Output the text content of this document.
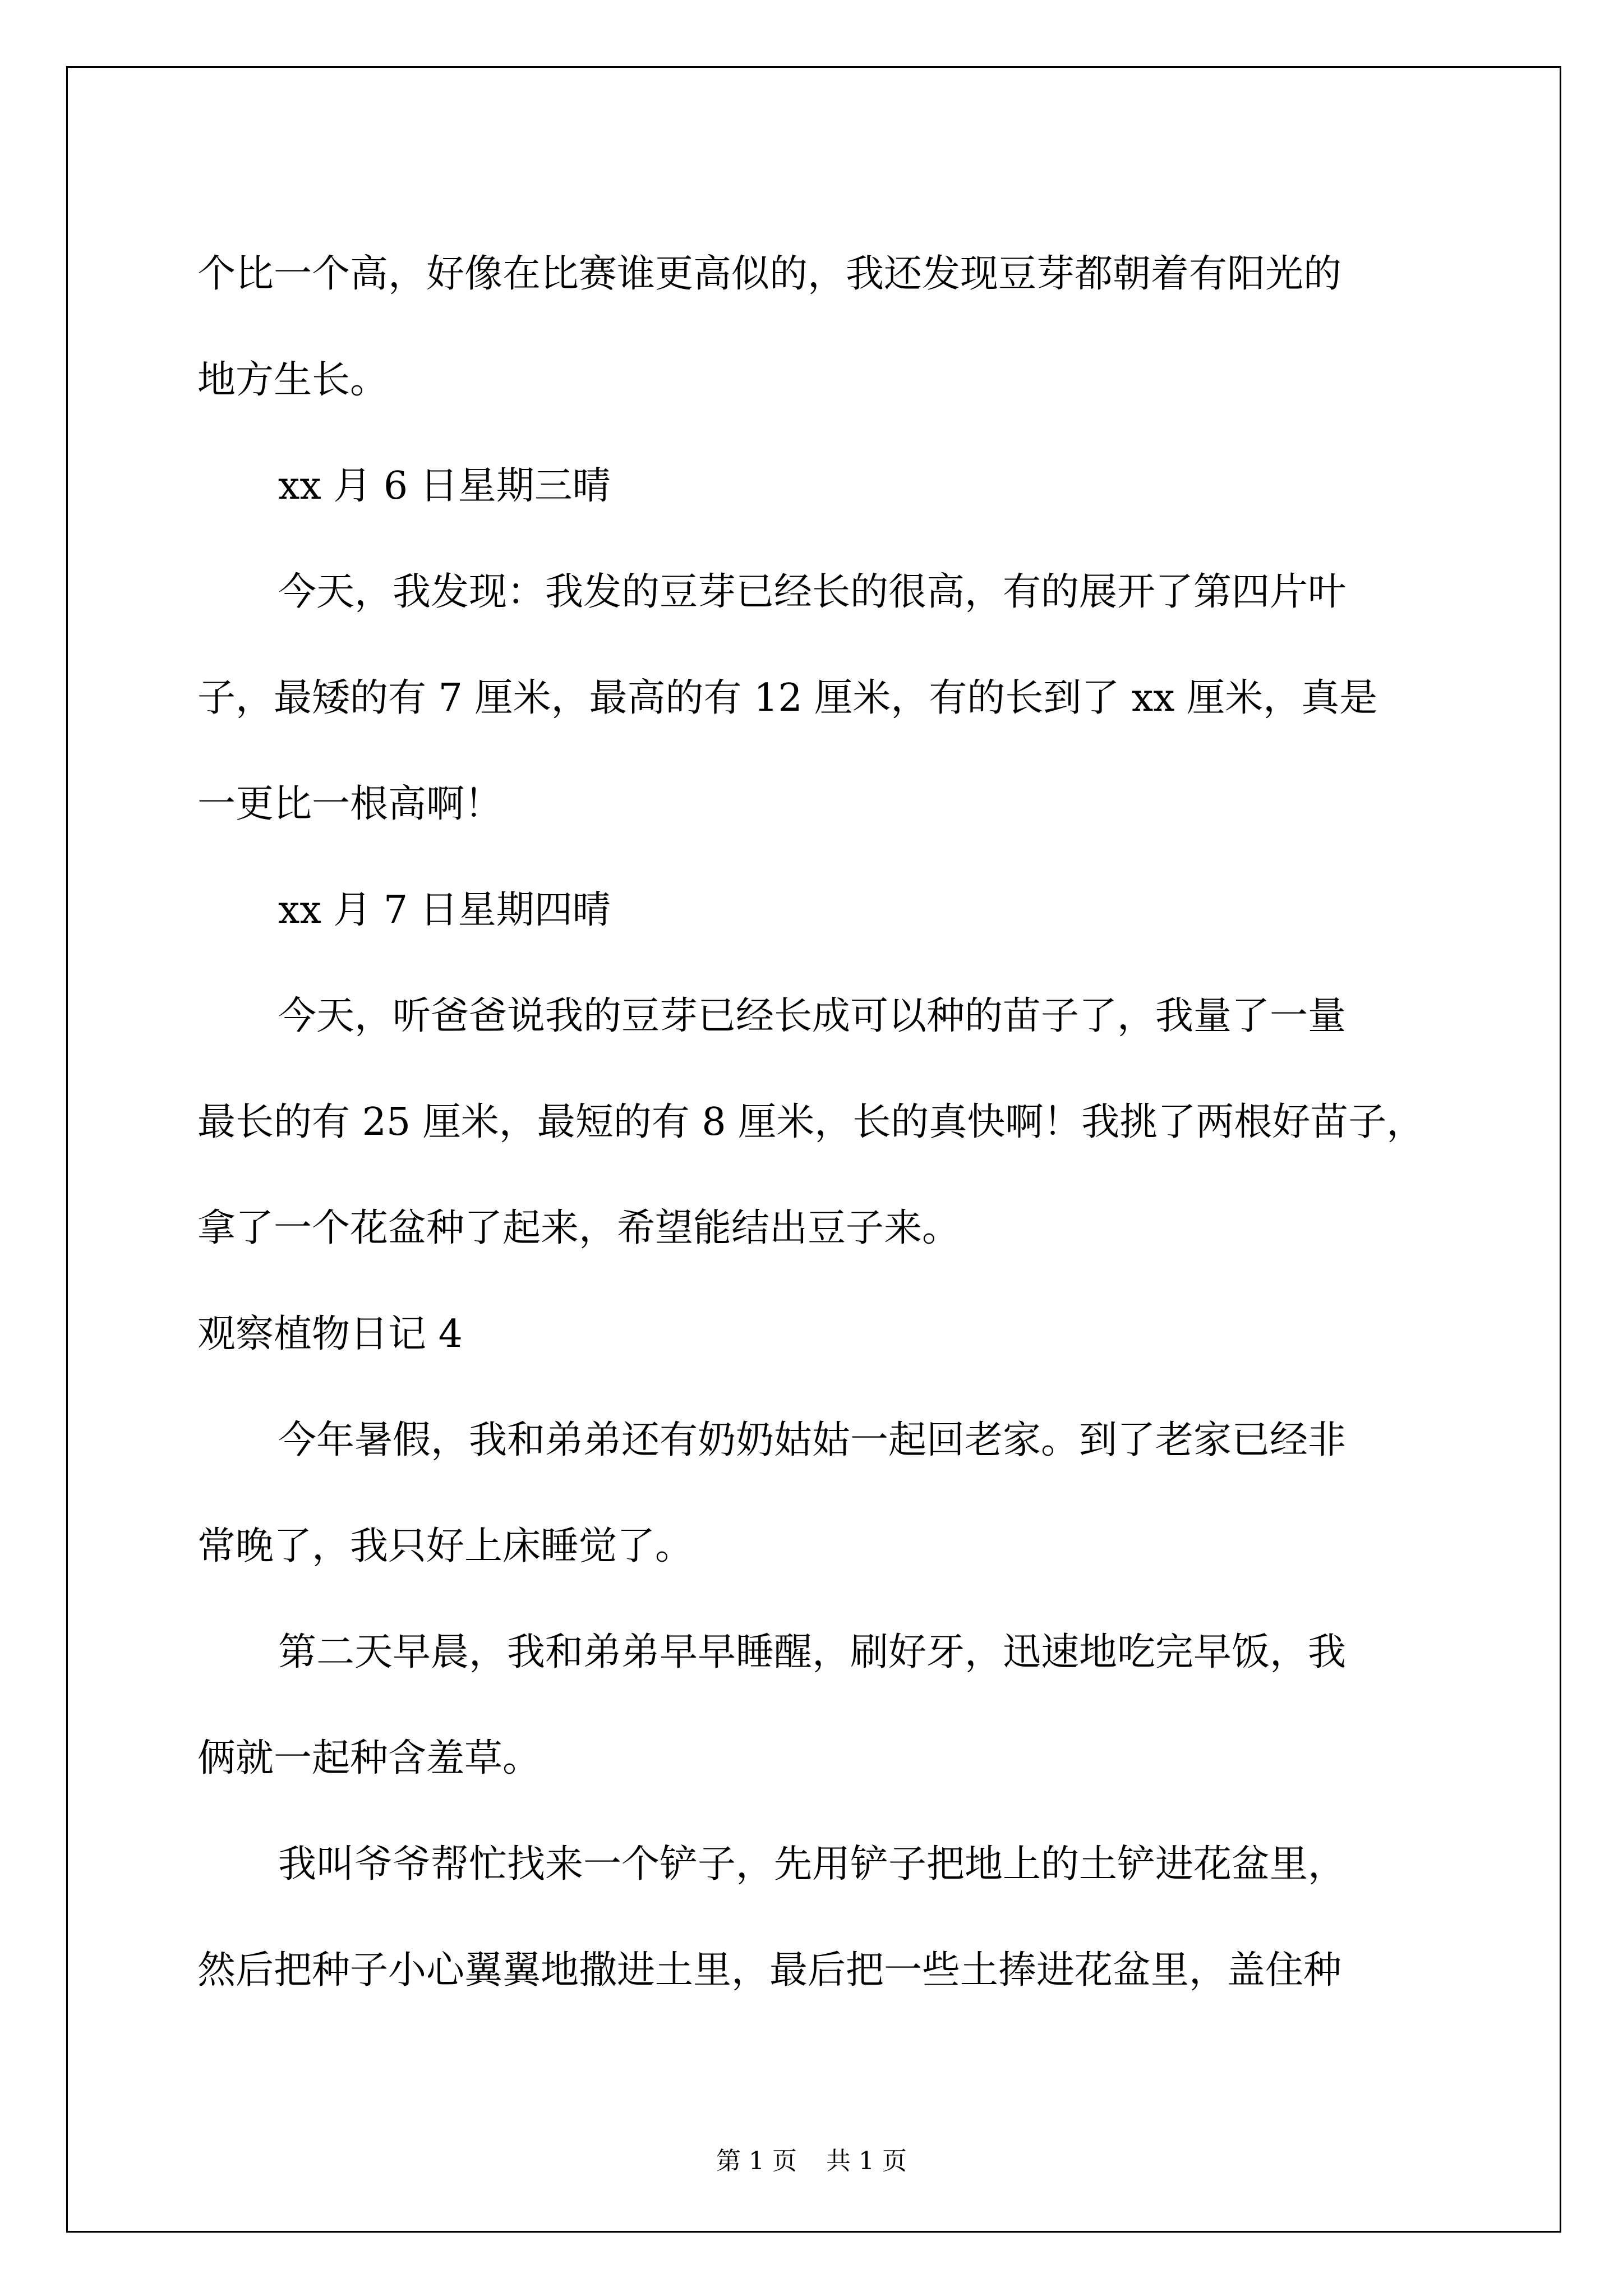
个比一个高，好像在比赛谁更高似的，我还发现豆芽都朝着有阳光的
地方生长。

xx 月 6 日星期三晴

今天，我发现：我发的豆芽已经长的很高，有的展开了第四片叶
子，最矮的有 7 厘米，最高的有 12 厘米，有的长到了 xx 厘米，真是
一更比一根高啊！

xx 月 7 日星期四晴

今天，听爸爸说我的豆芽已经长成可以种的苗子了，我量了一量
最长的有 25 厘米，最短的有 8 厘米，长的真快啊！我挑了两根好苗子，
拿了一个花盆种了起来，希望能结出豆子来。

观察植物日记 4

今年暑假，我和弟弟还有奶奶姑姑一起回老家。到了老家已经非
常晚了，我只好上床睡觉了。

第二天早晨，我和弟弟早早睡醒，刷好牙，迅速地吃完早饭，我
俩就一起种含羞草。

我叫爷爷帮忙找来一个铲子，先用铲子把地上的土铲进花盆里，
然后把种子小心翼翼地撒进土里，最后把一些土捧进花盆里，盖住种

第 1 页 共 1 页
